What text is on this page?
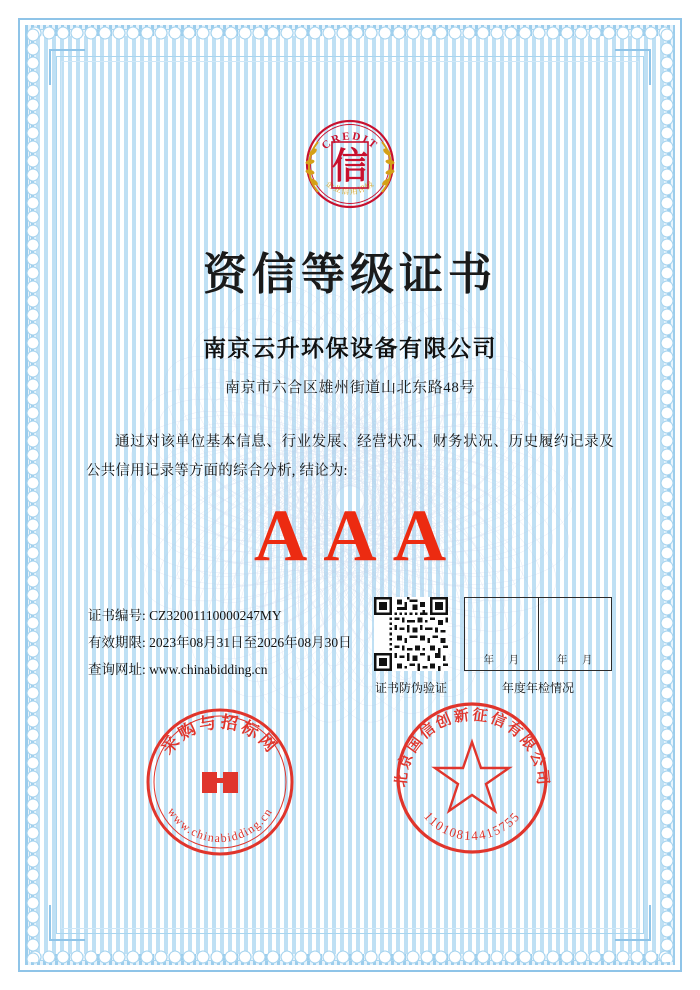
CREDIT
企业信用评级
信
资信等级证书
南京云升环保设备有限公司
南京市六合区雄州街道山北东路48号
通过对该单位基本信息、行业发展、经营状况、财务状况、历史履约记录及公共信用记录等方面的综合分析, 结论为:
AAA
证书编号: CZ32001110000247MY
有效期限: 2023年08月31日至2026年08月30日
查询网址: www.chinabidding.cn
证书防伪验证
年 月	年 月
年度年检情况
采购与招标网
www.chinabidding.cn
北京国信创新征信有限公司
11010814415755
